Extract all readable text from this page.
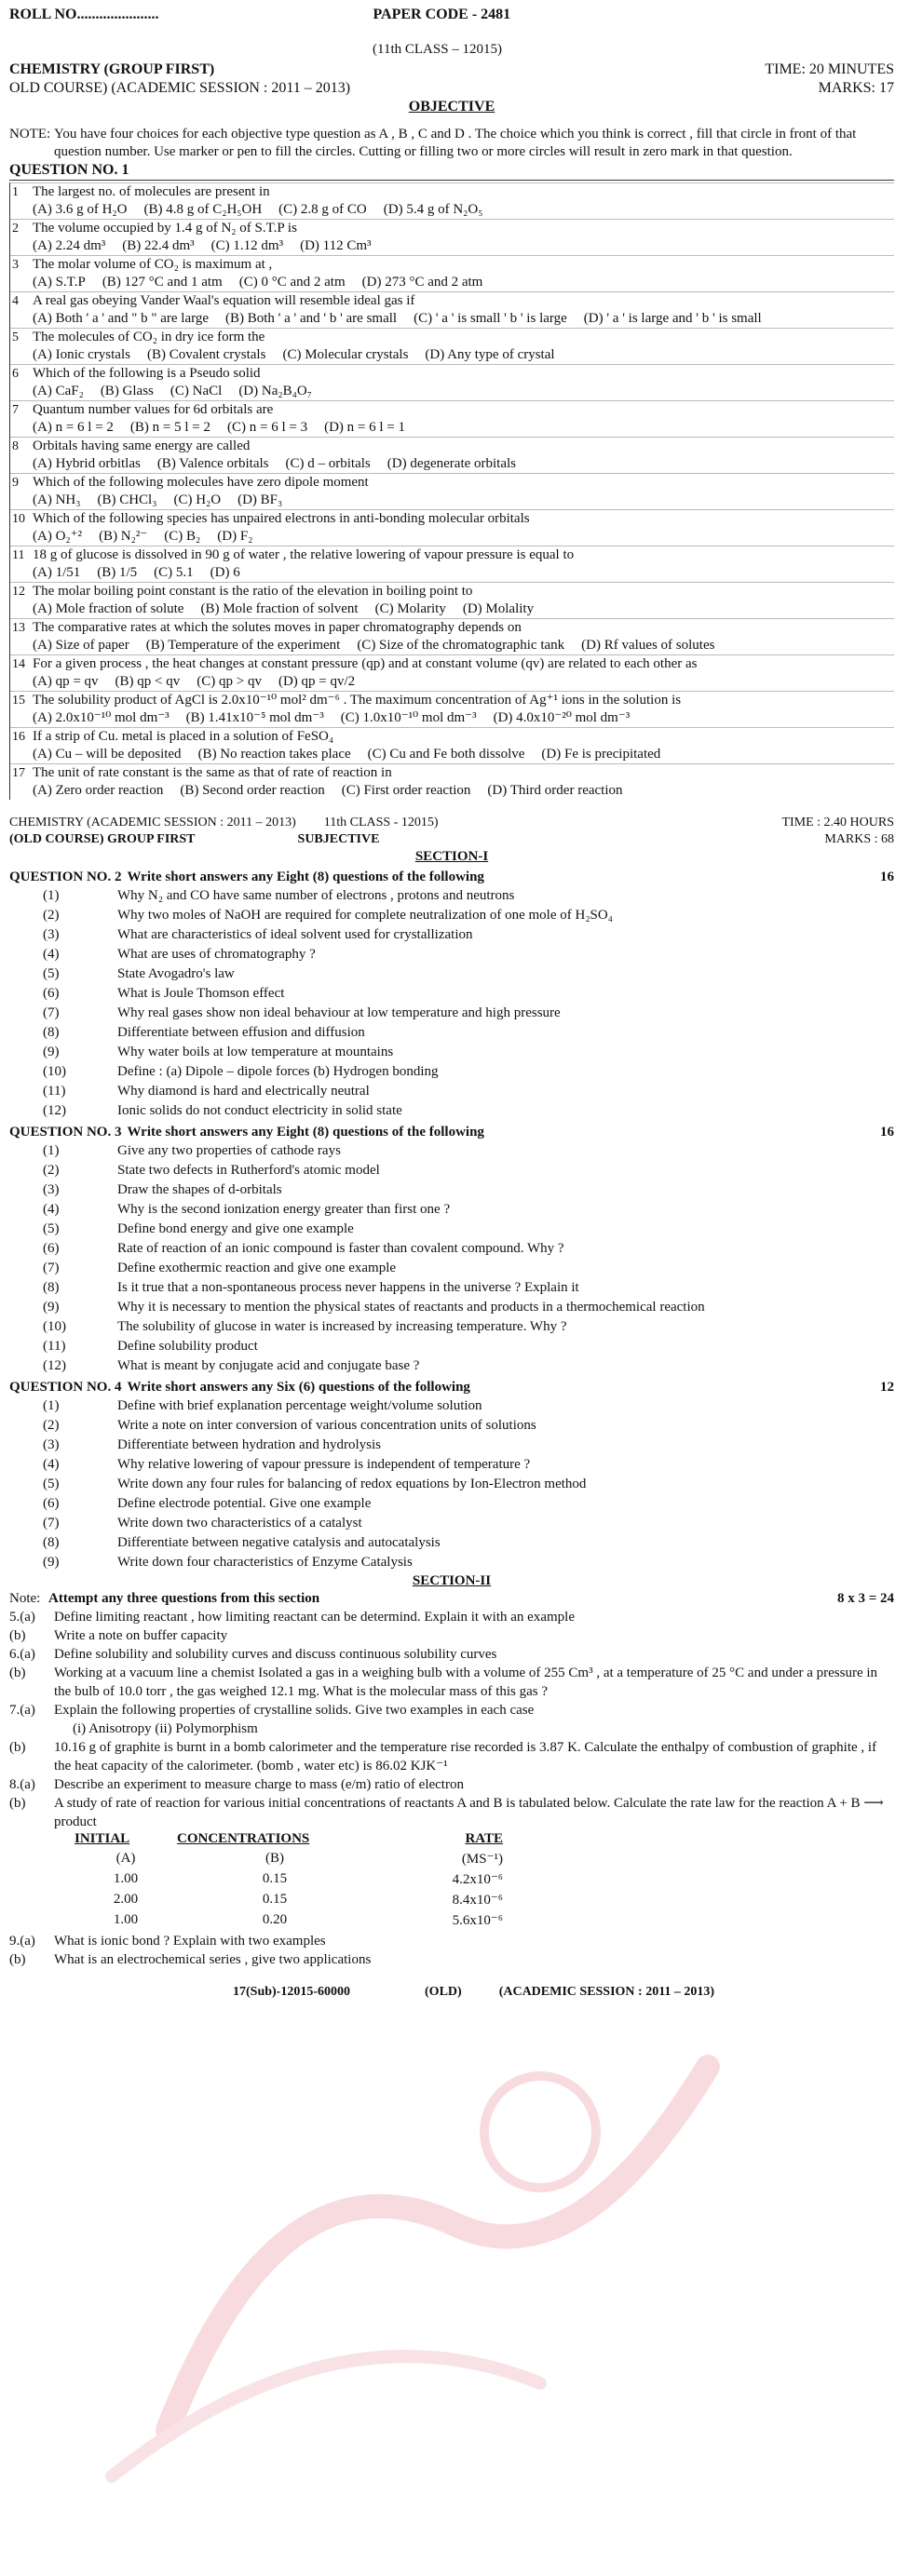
ROLL NO......................	PAPER CODE - 2481
(11th CLASS – 12015)
CHEMISTRY (GROUP FIRST)	TIME: 20 MINUTES
OLD COURSE) (ACADEMIC SESSION : 2011 – 2013)	MARKS: 17
OBJECTIVE
NOTE: You have four choices for each objective type question as A , B , C and D . The choice which you think is correct , fill that circle in front of that question number. Use marker or pen to fill the circles. Cutting or filling two or more circles will result in zero mark in that question.
QUESTION NO. 1
1	The largest no. of molecules are present in
(A) 3.6 g of H₂O (B) 4.8 g of C₂H₅OH (C) 2.8 g of CO (D) 5.4 g of N₂O₅
2	The volume occupied by 1.4 g of N₂ of S.T.P is
(A) 2.24 dm³ (B) 22.4 dm³ (C) 1.12 dm³ (D) 112 Cm³
3	The molar volume of CO₂ is maximum at ,
(A) S.T.P (B) 127 °C and 1 atm (C) 0 °C and 2 atm (D) 273 °C and 2 atm
4	A real gas obeying Vander Waal's equation will resemble ideal gas if
(A) Both ' a ' and " b " are large (B) Both ' a ' and ' b ' are small (C) ' a ' is small ' b ' is large (D) ' a ' is large and ' b ' is small
5	The molecules of CO₂ in dry ice form the
(A) Ionic crystals (B) Covalent crystals (C) Molecular crystals (D) Any type of crystal
6	Which of the following is a Pseudo solid
(A) CaF₂ (B) Glass (C) NaCl (D) Na₂B₄O₇
7	Quantum number values for 6d orbitals are
(A) n = 6 l = 2 (B) n = 5 l = 2 (C) n = 6 l = 3 (D) n = 6 l = 1
8	Orbitals having same energy are called
(A) Hybrid orbitlas (B) Valence orbitals (C) d – orbitals (D) degenerate orbitals
9	Which of the following molecules have zero dipole moment
(A) NH₃ (B) CHCl₃ (C) H₂O (D) BF₃
10 Which of the following species has unpaired electrons in anti-bonding molecular orbitals
(A) O₂⁺² (B) N₂²⁻ (C) B₂ (D) F₂
11 18 g of glucose is dissolved in 90 g of water , the relative lowering of vapour pressure is equal to
(A) 1/51 (B) 1/5 (C) 5.1 (D) 6
12 The molar boiling point constant is the ratio of the elevation in boiling point to
(A) Mole fraction of solute (B) Mole fraction of solvent (C) Molarity (D) Molality
13 The comparative rates at which the solutes moves in paper chromatography depends on
(A) Size of paper (B) Temperature of the experiment (C) Size of the chromatographic tank (D) Rf values of solutes
14 For a given process , the heat changes at constant pressure (qp) and at constant volume (qv) are related to each other as
(A) qp = qv (B) qp < qv (C) qp > qv (D) qp = qv/2
15 The solubility product of AgCl is 2.0x10⁻¹⁰ mol² dm⁻⁶ . The maximum concentration of Ag⁺¹ ions in the solution is
(A) 2.0x10⁻¹⁰ mol dm⁻³ (B) 1.41x10⁻⁵ mol dm⁻³ (C) 1.0x10⁻¹⁰ mol dm⁻³ (D) 4.0x10⁻²⁰ mol dm⁻³
16 If a strip of Cu. metal is placed in a solution of FeSO₄
(A) Cu – will be deposited (B) No reaction takes place (C) Cu and Fe both dissolve (D) Fe is precipitated
17 The unit of rate constant is the same as that of rate of reaction in
(A) Zero order reaction (B) Second order reaction (C) First order reaction (D) Third order reaction
CHEMISTRY (ACADEMIC SESSION : 2011 – 2013) 11th CLASS - 12015)	TIME : 2.40 HOURS
(OLD COURSE) GROUP FIRST	SUBJECTIVE	MARKS : 68
SECTION-I
QUESTION NO. 2 Write short answers any Eight (8) questions of the following	16
(1)	Why N₂ and CO have same number of electrons , protons and neutrons
(2)	Why two moles of NaOH are required for complete neutralization of one mole of H₂SO₄
(3)	What are characteristics of ideal solvent used for crystallization
(4)	What are uses of chromatography ?
(5)	State Avogadro's law
(6)	What is Joule Thomson effect
(7)	Why real gases show non ideal behaviour at low temperature and high pressure
(8)	Differentiate between effusion and diffusion
(9)	Why water boils at low temperature at mountains
(10)	Define : (a) Dipole – dipole forces (b) Hydrogen bonding
(11)	Why diamond is hard and electrically neutral
(12)	Ionic solids do not conduct electricity in solid state
QUESTION NO. 3 Write short answers any Eight (8) questions of the following	16
(1)	Give any two properties of cathode rays
(2)	State two defects in Rutherford's atomic model
(3)	Draw the shapes of d-orbitals
(4)	Why is the second ionization energy greater than first one ?
(5)	Define bond energy and give one example
(6)	Rate of reaction of an ionic compound is faster than covalent compound. Why ?
(7)	Define exothermic reaction and give one example
(8)	Is it true that a non-spontaneous process never happens in the universe ? Explain it
(9)	Why it is necessary to mention the physical states of reactants and products in a thermochemical reaction
(10)	The solubility of glucose in water is increased by increasing temperature. Why ?
(11)	Define solubility product
(12)	What is meant by conjugate acid and conjugate base ?
QUESTION NO. 4 Write short answers any Six (6) questions of the following	12
(1)	Define with brief explanation percentage weight/volume solution
(2)	Write a note on inter conversion of various concentration units of solutions
(3)	Differentiate between hydration and hydrolysis
(4)	Why relative lowering of vapour pressure is independent of temperature ?
(5)	Write down any four rules for balancing of redox equations by Ion-Electron method
(6)	Define electrode potential. Give one example
(7)	Write down two characteristics of a catalyst
(8)	Differentiate between negative catalysis and autocatalysis
(9)	Write down four characteristics of Enzyme Catalysis
SECTION-II
Note: Attempt any three questions from this section	8 x 3 = 24
5.(a)	Define limiting reactant , how limiting reactant can be determind. Explain it with an example
(b)	Write a note on buffer capacity
6.(a)	Define solubility and solubility curves and discuss continuous solubility curves
(b)	Working at a vacuum line a chemist Isolated a gas in a weighing bulb with a volume of 255 Cm³ , at a temperature of 25 °C and under a pressure in the bulb of 10.0 torr , the gas weighed 12.1 mg. What is the molecular mass of this gas ?
7.(a)	Explain the following properties of crystalline solids. Give two examples in each case
(i) Anisotropy (ii) Polymorphism
(b)	10.16 g of graphite is burnt in a bomb calorimeter and the temperature rise recorded is 3.87 K. Calculate the enthalpy of combustion of graphite , if the heat capacity of the calorimeter. (bomb , water etc) is 86.02 KJK⁻¹
8.(a)	Describe an experiment to measure charge to mass (e/m) ratio of electron
(b)	A study of rate of reaction for various initial concentrations of reactants A and B is tabulated below. Calculate the rate law for the reaction A + B ⟶ product
INITIAL	CONCENTRATIONS	RATE
(A)	(B)	(MS⁻¹)
1.00	0.15	4.2x10⁻⁶
2.00	0.15	8.4x10⁻⁶
1.00	0.20	5.6x10⁻⁶
9.(a)	What is ionic bond ? Explain with two examples
(b)	What is an electrochemical series , give two applications
17(Sub)-12015-60000	(OLD)	(ACADEMIC SESSION : 2011 – 2013)
